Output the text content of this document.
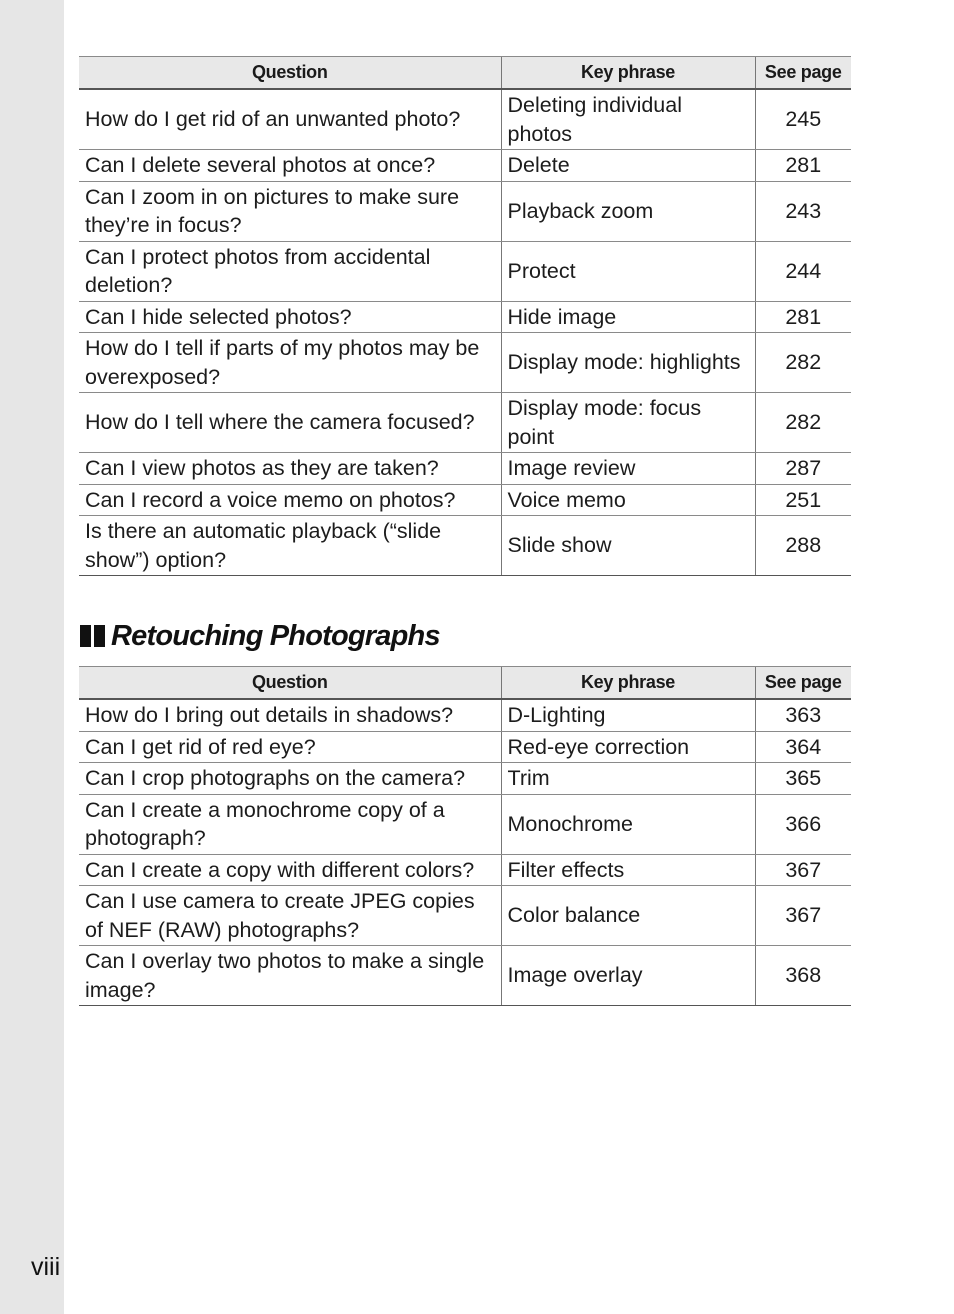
Question	Key phrase	See page
How do I get rid of an unwanted photo?	Deleting individual photos	245
Can I delete several photos at once?	Delete	281
Can I zoom in on pictures to make sure they’re in focus?	Playback zoom	243
Can I protect photos from accidental deletion?	Protect	244
Can I hide selected photos?	Hide image	281
How do I tell if parts of my photos may be overexposed?	Display mode: highlights	282
How do I tell where the camera focused?	Display mode: focus point	282
Can I view photos as they are taken?	Image review	287
Can I record a voice memo on photos?	Voice memo	251
Is there an automatic playback (“slide show”) option?	Slide show	288
Retouching Photographs
Question	Key phrase	See page
How do I bring out details in shadows?	D-Lighting	363
Can I get rid of red eye?	Red-eye correction	364
Can I crop photographs on the camera?	Trim	365
Can I create a monochrome copy of a photograph?	Monochrome	366
Can I create a copy with different colors?	Filter effects	367
Can I use camera to create JPEG copies of NEF (RAW) photographs?	Color balance	367
Can I overlay two photos to make a single image?	Image overlay	368
viii
